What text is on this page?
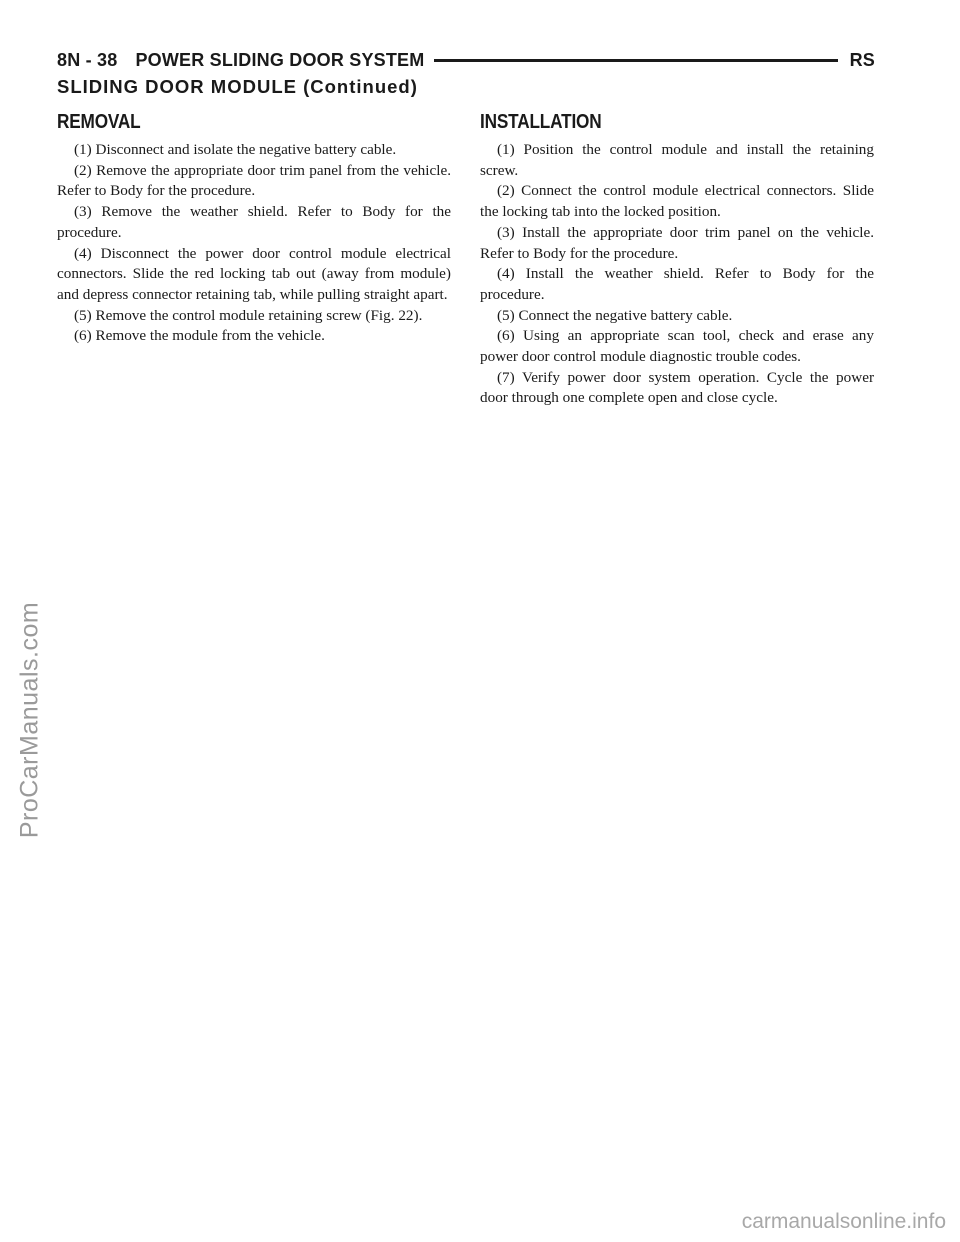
8N - 38 POWER SLIDING DOOR SYSTEM	RS
SLIDING DOOR MODULE (Continued)
REMOVAL

(1) Disconnect and isolate the negative battery cable.

(2) Remove the appropriate door trim panel from the vehicle. Refer to Body for the procedure.

(3) Remove the weather shield. Refer to Body for the procedure.

(4) Disconnect the power door control module electrical connectors. Slide the red locking tab out (away from module) and depress connector retaining tab, while pulling straight apart.

(5) Remove the control module retaining screw (Fig. 22).

(6) Remove the module from the vehicle.

INSTALLATION

(1) Position the control module and install the retaining screw.

(2) Connect the control module electrical connectors. Slide the locking tab into the locked position.

(3) Install the appropriate door trim panel on the vehicle. Refer to Body for the procedure.

(4) Install the weather shield. Refer to Body for the procedure.

(5) Connect the negative battery cable.

(6) Using an appropriate scan tool, check and erase any power door control module diagnostic trouble codes.

(7) Verify power door system operation. Cycle the power door through one complete open and close cycle.

ProCarManuals.com
carmanualsonline.info
